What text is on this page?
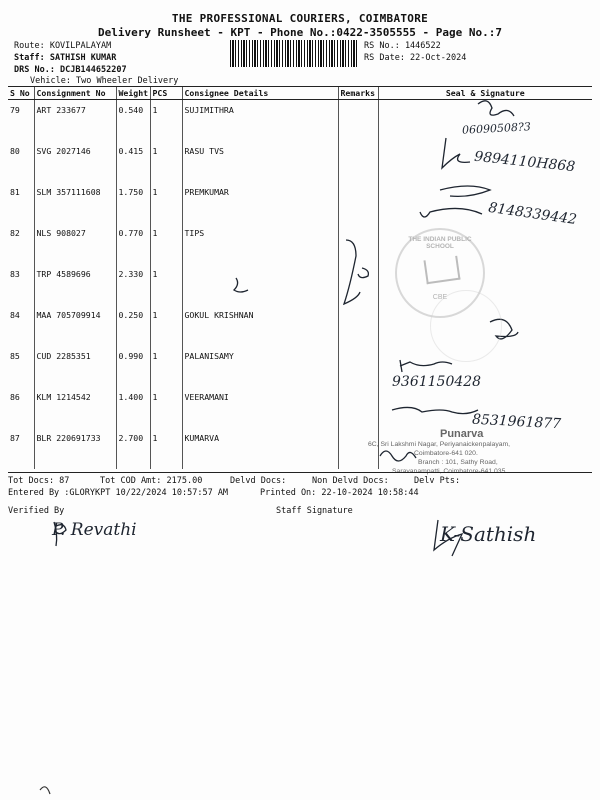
THE PROFESSIONAL COURIERS, COIMBATORE
Delivery Runsheet - KPT - Phone No.:0422-3505555 - Page No.:7
Route: KOVILPALAYAM
Staff: SATHISH KUMAR
DRS No.: DCJB144652207
Vehicle: Two Wheeler Delivery
RS No.: 1446522
RS Date: 22-Oct-2024
S No	Consignment No	Weight	PCS	Consignee Details	Remarks	Seal & Signature
79	ART 233677	0.540	1	SUJIMITHRA		
80	SVG 2027146	0.415	1	RASU TVS		
81	SLM 357111608	1.750	1	PREMKUMAR		
82	NLS 908027	0.770	1	TIPS		
83	TRP 4589696	2.330	1			
84	MAA 705709914	0.250	1	GOKUL KRISHNAN		
85	CUD 2285351	0.990	1	PALANISAMY		
86	KLM 1214542	1.400	1	VEERAMANI		
87	BLR 220691733	2.700	1	KUMARVA		
06090508?3
9894110H868
8148339442
9361150428
8531961877
THE INDIAN PUBLIC SCHOOL
CBE
Punarva
6C, Sri Lakshmi Nagar, Periyanaickenpalayam,
Coimbatore-641 020.
Branch : 101, Sathy Road,
Saravanampatti, Coimbatore-641 035.
Tot Docs: 87	Tot COD Amt: 2175.00	Delvd Docs:	Non Delvd Docs:	Delv Pts:
Entered By :GLORYKPT 10/22/2024 10:57:57 AM	Printed On: 22-10-2024 10:58:44
Verified By	Staff Signature
P. Revathi	K-Sathish
